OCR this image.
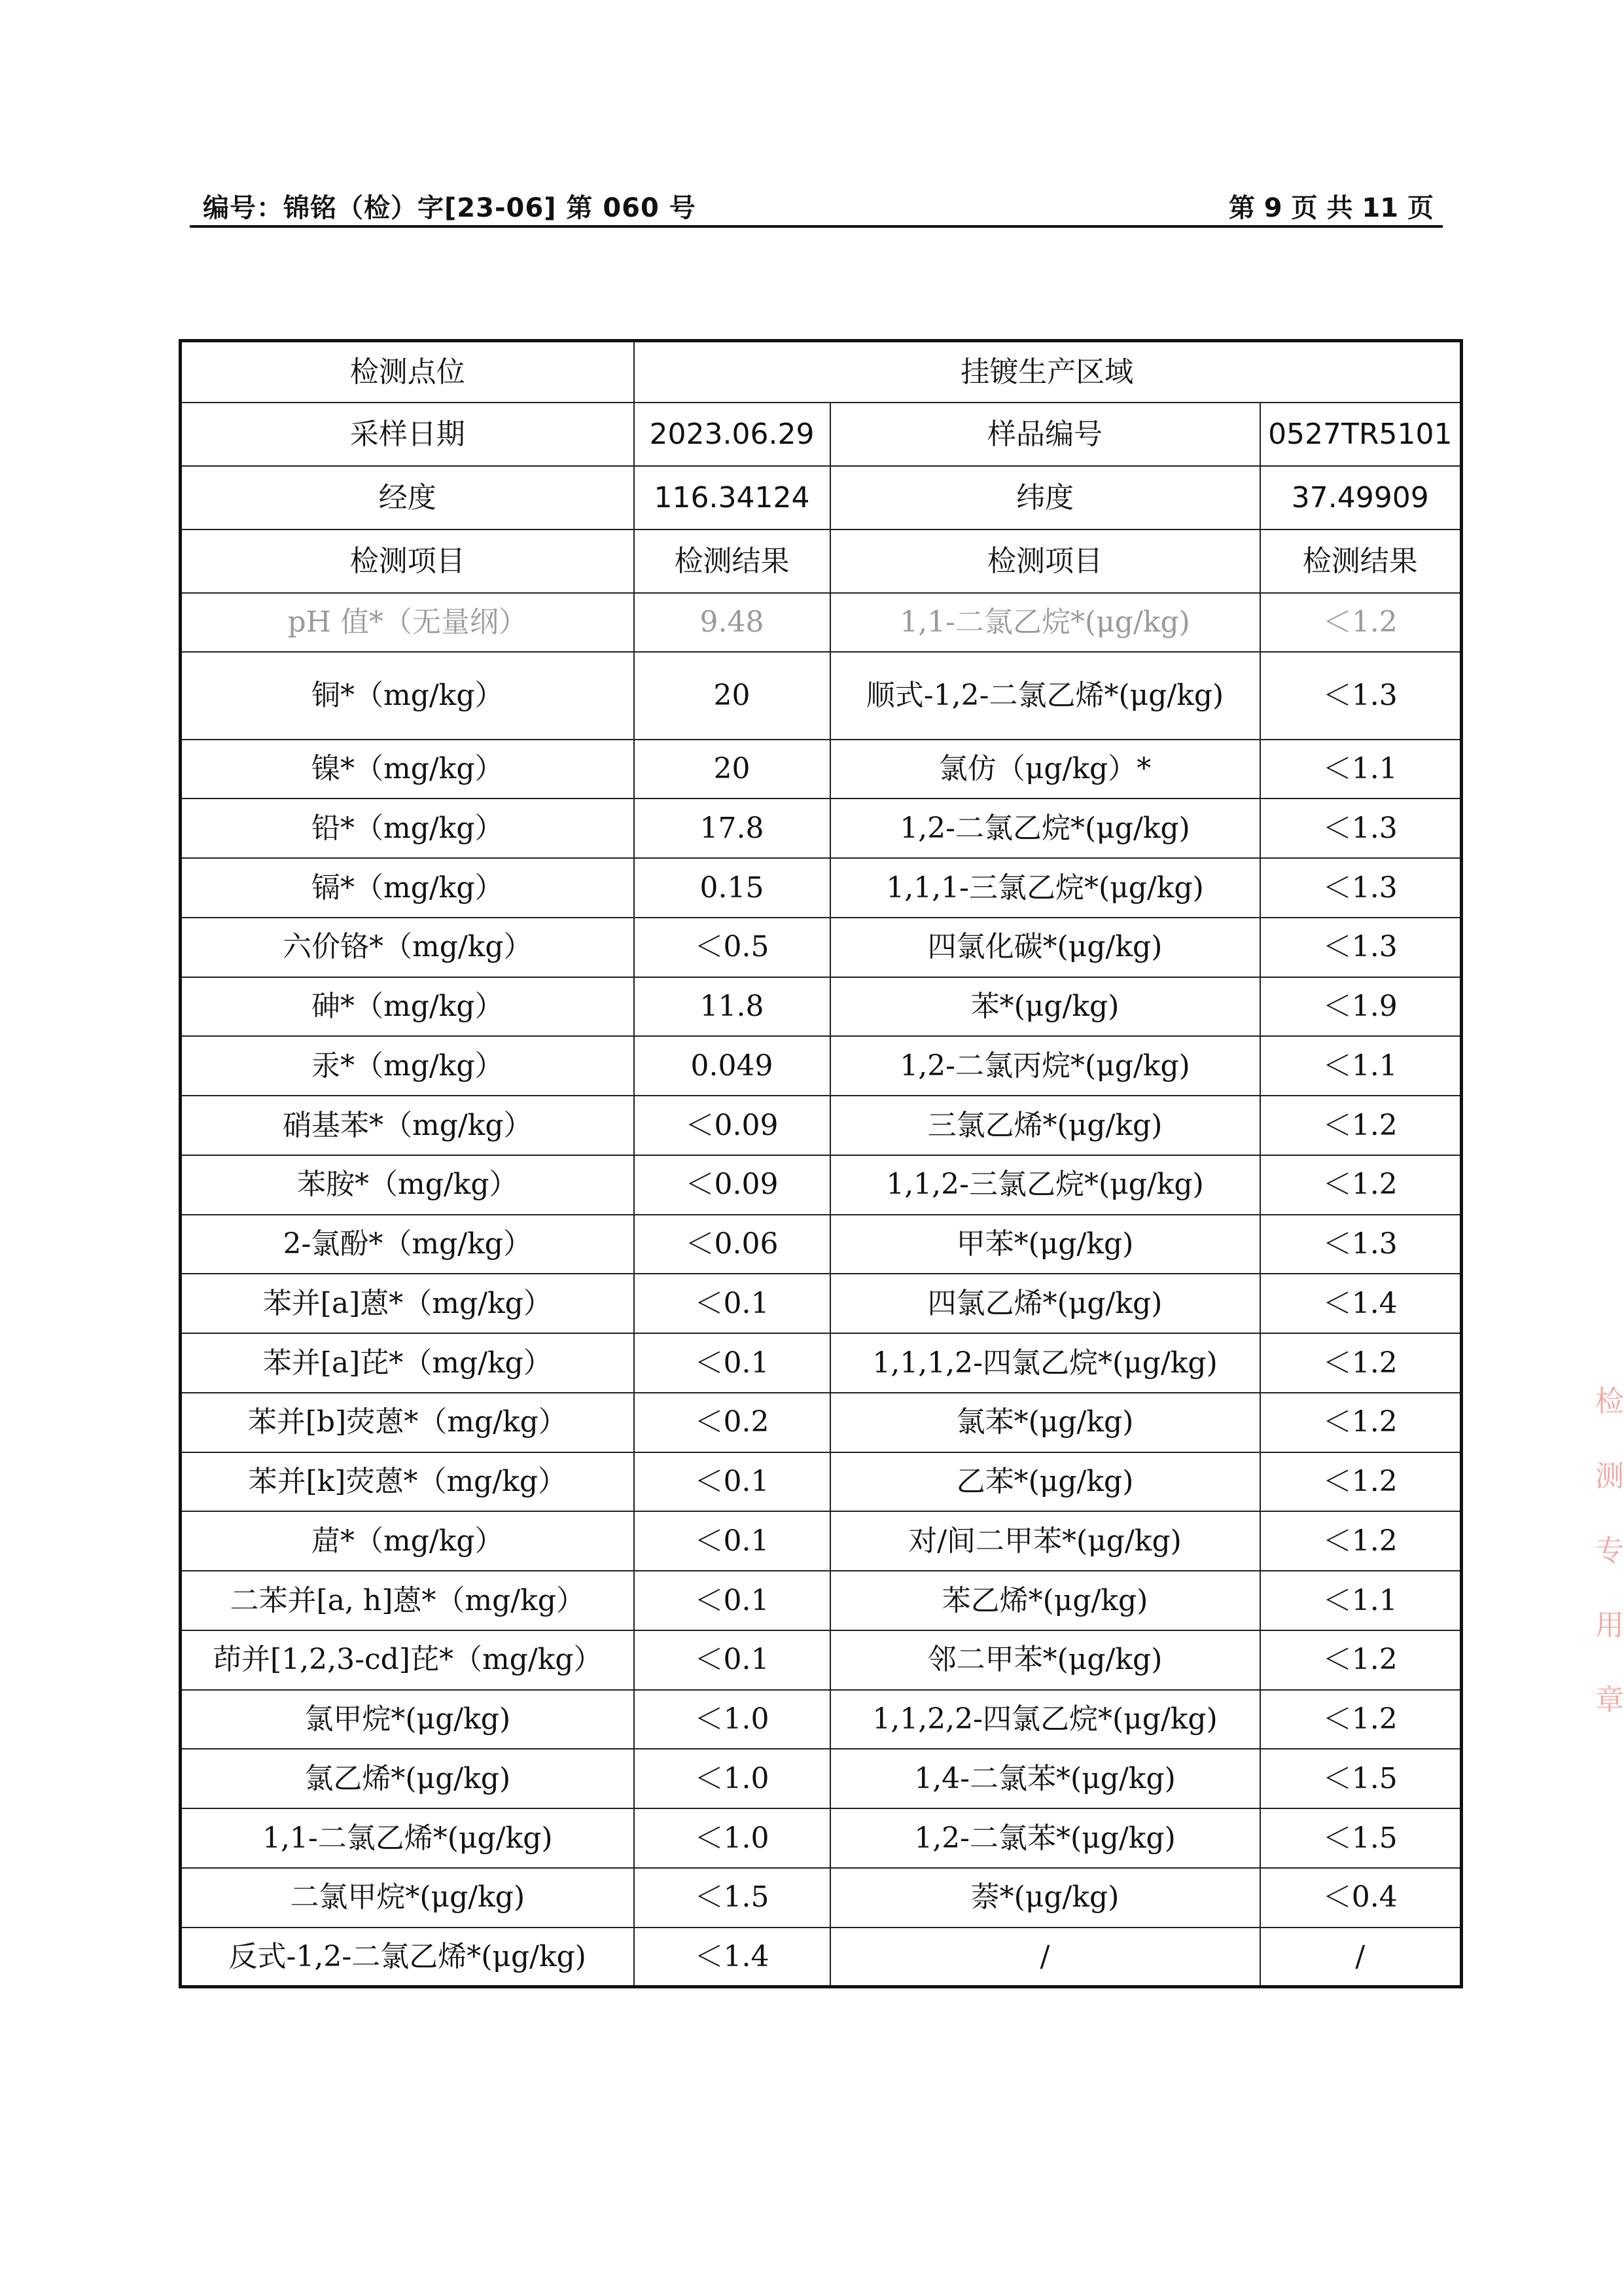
编号：锦铭（检）字[23-06] 第 060 号	第 9 页 共 11 页
检测点位	挂镀生产区域		
采样日期	2023.06.29	样品编号	0527TR5101
经度	116.34124	纬度	37.49909
检测项目	检测结果	检测项目	检测结果
pH 值*（无量纲）	9.48	1,1-二氯乙烷*(μg/kg)	＜1.2
铜*（mg/kg）	20	顺式-1,2-二氯乙烯*(μg/kg)	＜1.3
镍*（mg/kg）	20	氯仿（μg/kg）*	＜1.1
铅*（mg/kg）	17.8	1,2-二氯乙烷*(μg/kg)	＜1.3
镉*（mg/kg）	0.15	1,1,1-三氯乙烷*(μg/kg)	＜1.3
六价铬*（mg/kg）	＜0.5	四氯化碳*(μg/kg)	＜1.3
砷*（mg/kg）	11.8	苯*(μg/kg)	＜1.9
汞*（mg/kg）	0.049	1,2-二氯丙烷*(μg/kg)	＜1.1
硝基苯*（mg/kg）	＜0.09	三氯乙烯*(μg/kg)	＜1.2
苯胺*（mg/kg）	＜0.09	1,1,2-三氯乙烷*(μg/kg)	＜1.2
2-氯酚*（mg/kg）	＜0.06	甲苯*(μg/kg)	＜1.3
苯并[a]蒽*（mg/kg）	＜0.1	四氯乙烯*(μg/kg)	＜1.4
苯并[a]芘*（mg/kg）	＜0.1	1,1,1,2-四氯乙烷*(μg/kg)	＜1.2
苯并[b]荧蒽*（mg/kg）	＜0.2	氯苯*(μg/kg)	＜1.2
苯并[k]荧蒽*（mg/kg）	＜0.1	乙苯*(μg/kg)	＜1.2
䓛*（mg/kg）	＜0.1	对/间二甲苯*(μg/kg)	＜1.2
二苯并[a, h]蒽*（mg/kg）	＜0.1	苯乙烯*(μg/kg)	＜1.1
茚并[1,2,3-cd]芘*（mg/kg）	＜0.1	邻二甲苯*(μg/kg)	＜1.2
氯甲烷*(μg/kg)	＜1.0	1,1,2,2-四氯乙烷*(μg/kg)	＜1.2
氯乙烯*(μg/kg)	＜1.0	1,4-二氯苯*(μg/kg)	＜1.5
1,1-二氯乙烯*(μg/kg)	＜1.0	1,2-二氯苯*(μg/kg)	＜1.5
二氯甲烷*(μg/kg)	＜1.5	萘*(μg/kg)	＜0.4
反式-1,2-二氯乙烯*(μg/kg)	＜1.4	/	/
检
测
专
用
章
